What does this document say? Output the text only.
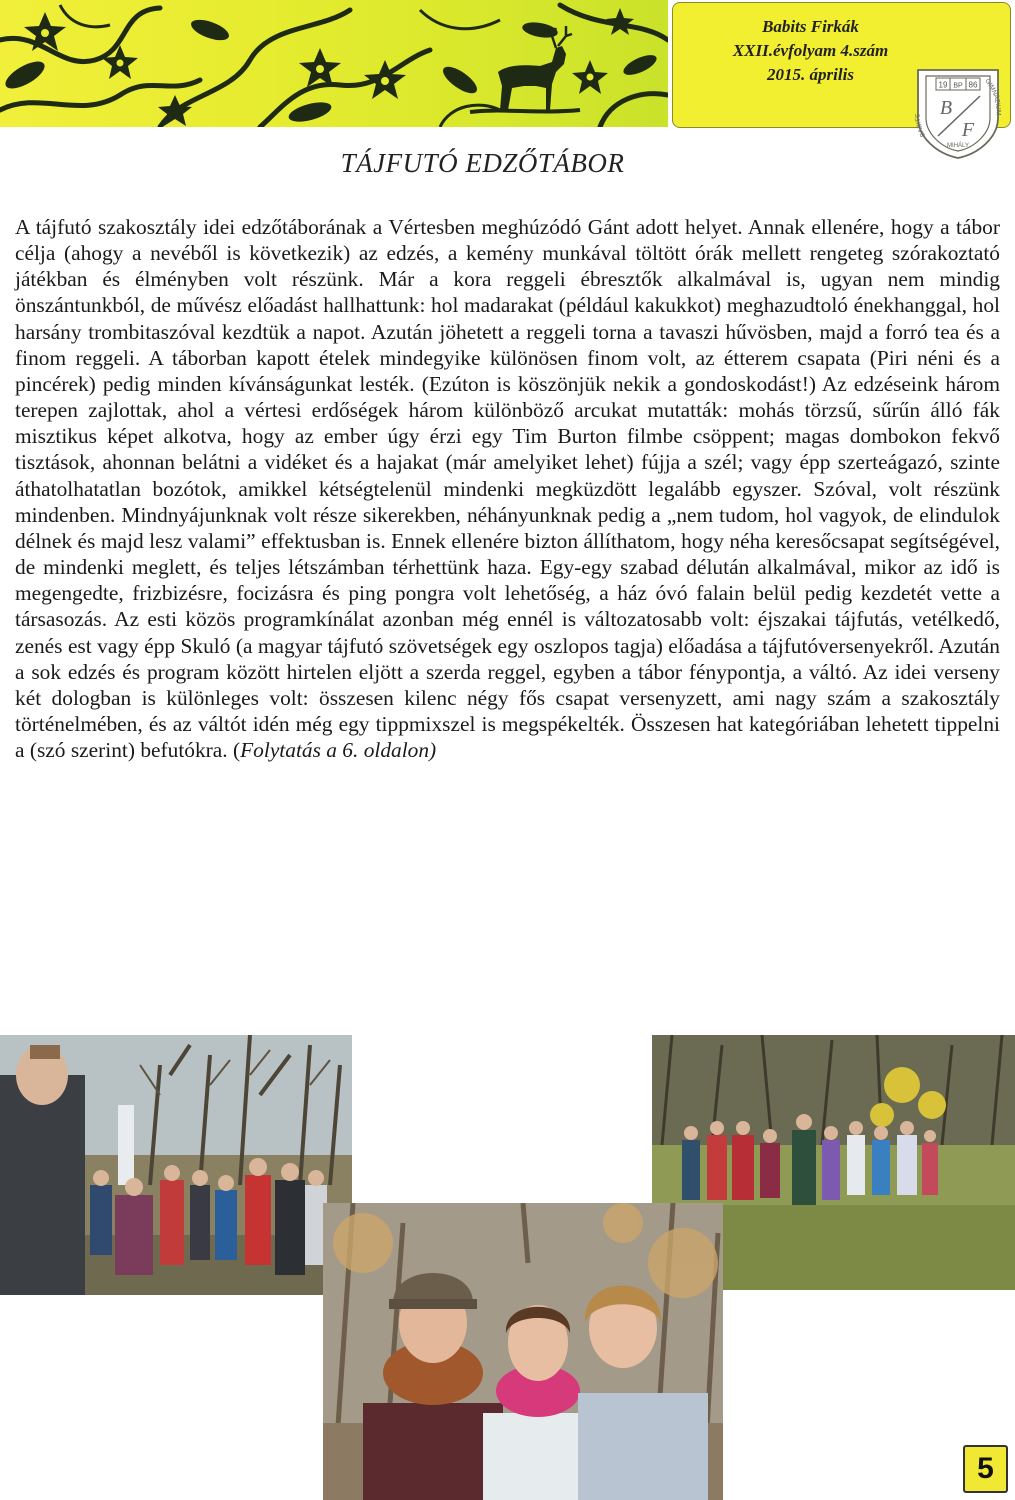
Babits Firkák
XXII.évfolyam 4.szám
2015. április
19 BP 86
BABITS
GIMNÁZIUM
B
F
MIHÁLY
TÁJFUTÓ EDZŐTÁBOR

A tájfutó szakosztály idei edzőtáborának a Vértesben meghúzódó Gánt adott helyet. Annak ellenére, hogy a tábor célja (ahogy a nevéből is következik) az edzés, a kemény munkával töltött órák mellett rengeteg szórakoztató játékban és élményben volt részünk. Már a kora reggeli ébresztők alkalmával is, ugyan nem mindig önszántunkból, de művész előadást hallhattunk: hol madarakat (például kakukkot) meghazudtoló énekhanggal, hol harsány trombitaszóval kezdtük a napot. Azután jöhetett a reggeli torna a tavaszi hűvösben, majd a forró tea és a finom reggeli. A táborban kapott ételek mindegyike különösen finom volt, az étterem csapata (Piri néni és a pincérek) pedig minden kívánságunkat lesték. (Ezúton is köszönjük nekik a gondoskodást!) Az edzéseink három terepen zajlottak, ahol a vértesi erdőségek három különböző arcukat mutatták: mohás törzsű, sűrűn álló fák misztikus képet alkotva, hogy az ember úgy érzi egy Tim Burton filmbe csöppent; magas dombokon fekvő tisztások, ahonnan belátni a vidéket és a hajakat (már amelyiket lehet) fújja a szél; vagy épp szerteágazó, szinte áthatolhatatlan bozótok, amikkel kétségtelenül mindenki megküzdött legalább egyszer. Szóval, volt részünk mindenben. Mindnyájunknak volt része sikerekben, néhányunknak pedig a „nem tudom, hol vagyok, de elindulok délnek és majd lesz valami” effektusban is. Ennek ellenére bizton állíthatom, hogy néha keresőcsapat segítségével, de mindenki meglett, és teljes létszámban térhettünk haza. Egy-egy szabad délután alkalmával, mikor az idő is megengedte, frizbizésre, focizásra és ping pongra volt lehetőség, a ház óvó falain belül pedig kezdetét vette a társasozás. Az esti közös programkínálat azonban még ennél is változatosabb volt: éjszakai tájfutás, vetélkedő, zenés est vagy épp Skuló (a magyar tájfutó szövetségek egy oszlopos tagja) előadása a tájfutóversenyekről. Azután a sok edzés és program között hirtelen eljött a szerda reggel, egyben a tábor fénypontja, a váltó. Az idei verseny két dologban is különleges volt: összesen kilenc négy fős csapat versenyzett, ami nagy szám a szakosztály történelmében, és az váltót idén még egy tippmixszel is megspékelték. Összesen hat kategóriában lehetett tippelni a (szó szerint) befutókra. (Folytatás a 6. oldalon)

5
